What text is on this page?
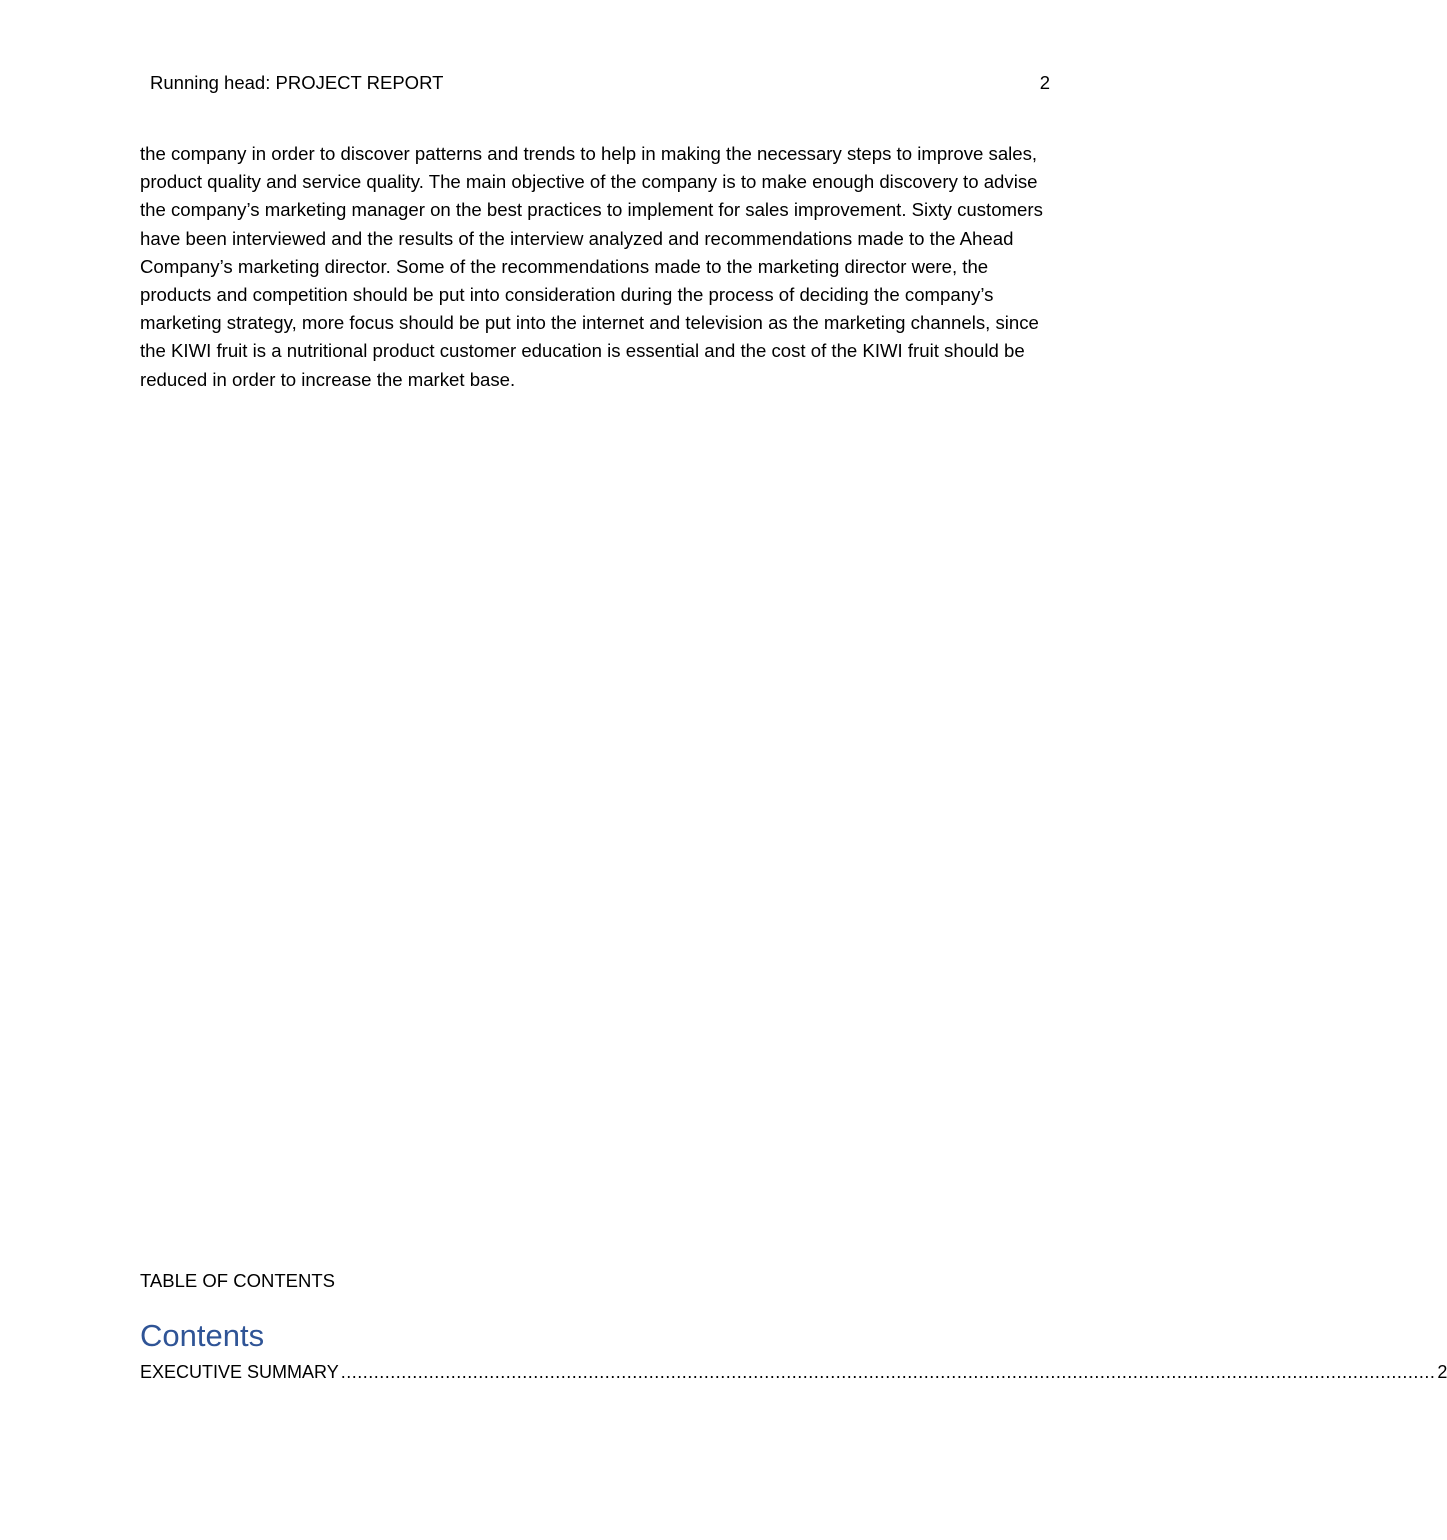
Running head: PROJECT REPORT	2

the company in order to discover patterns and trends to help in making the necessary steps to improve sales, product quality and service quality. The main objective of the company is to make enough discovery to advise the company’s marketing manager on the best practices to implement for sales improvement. Sixty customers have been interviewed and the results of the interview analyzed and recommendations made to the Ahead Company’s marketing director. Some of the recommendations made to the marketing director were, the products and competition should be put into consideration during the process of deciding the company’s marketing strategy, more focus should be put into the internet and television as the marketing channels, since the KIWI fruit is a nutritional product customer education is essential and the cost of the KIWI fruit should be reduced in order to increase the market base.

TABLE OF CONTENTS
Contents
EXECUTIVE SUMMARY ....................................................................................................................................................................................................... 2
